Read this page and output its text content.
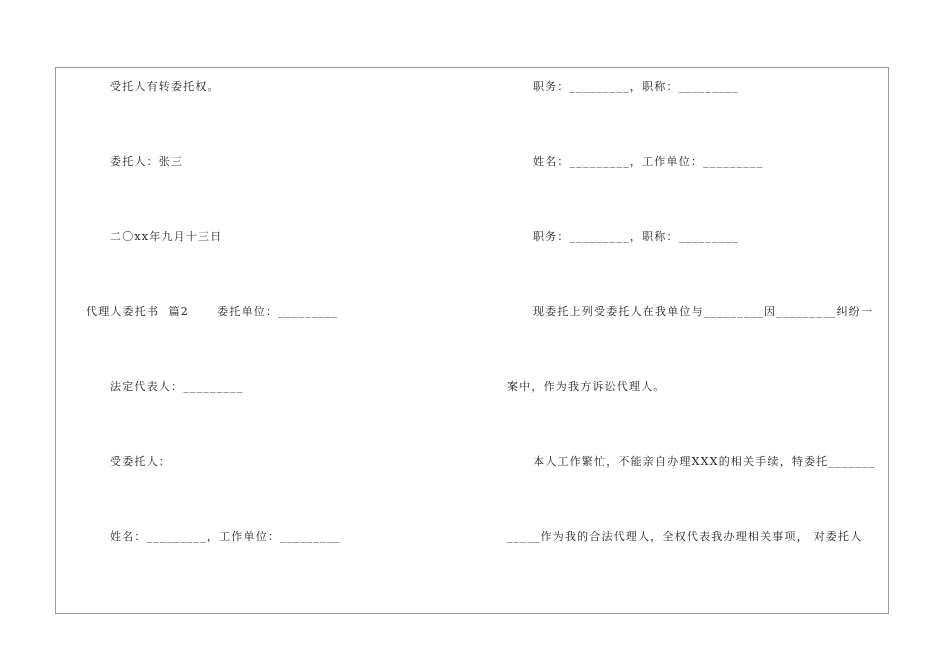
受托人有转委托权。
委托人：张三
二〇xx年九月十三日
代理人委托书  篇2      委托单位：_________
法定代表人：_________
受委托人：
姓名：_________，工作单位：_________
职务：_________，职称：_________
姓名：_________，工作单位：_________
职务：_________，职称：_________
现委托上列受委托人在我单位与_________因_________纠纷一
案中，作为我方诉讼代理人。
本人工作繁忙，不能亲自办理XXX的相关手续，特委托_______
_____作为我的合法代理人，全权代表我办理相关事项， 对委托人
